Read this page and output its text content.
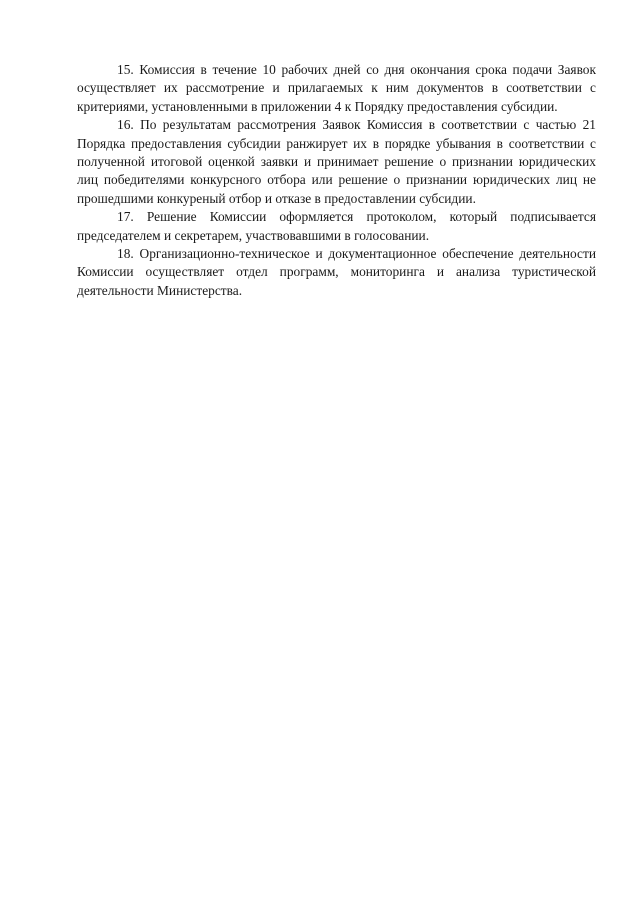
15. Комиссия в течение 10 рабочих дней со дня окончания срока подачи Заявок осуществляет их рассмотрение и прилагаемых к ним документов в соответствии с критериями, установленными в приложении 4 к Порядку предоставления субсидии.

16. По результатам рассмотрения Заявок Комиссия в соответствии с частью 21 Порядка предоставления субсидии ранжирует их в порядке убывания в соответствии с полученной итоговой оценкой заявки и принимает решение о признании юридических лиц победителями конкурсного отбора или решение о признании юридических лиц не прошедшими конкуреный отбор и отказе в предоставлении субсидии.

17. Решение Комиссии оформляется протоколом, который подписывается председателем и секретарем, участвовавшими в голосовании.

18. Организационно-техническое и документационное обеспечение деятельности Комиссии осуществляет отдел программ, мониторинга и анализа туристической деятельности Министерства.
